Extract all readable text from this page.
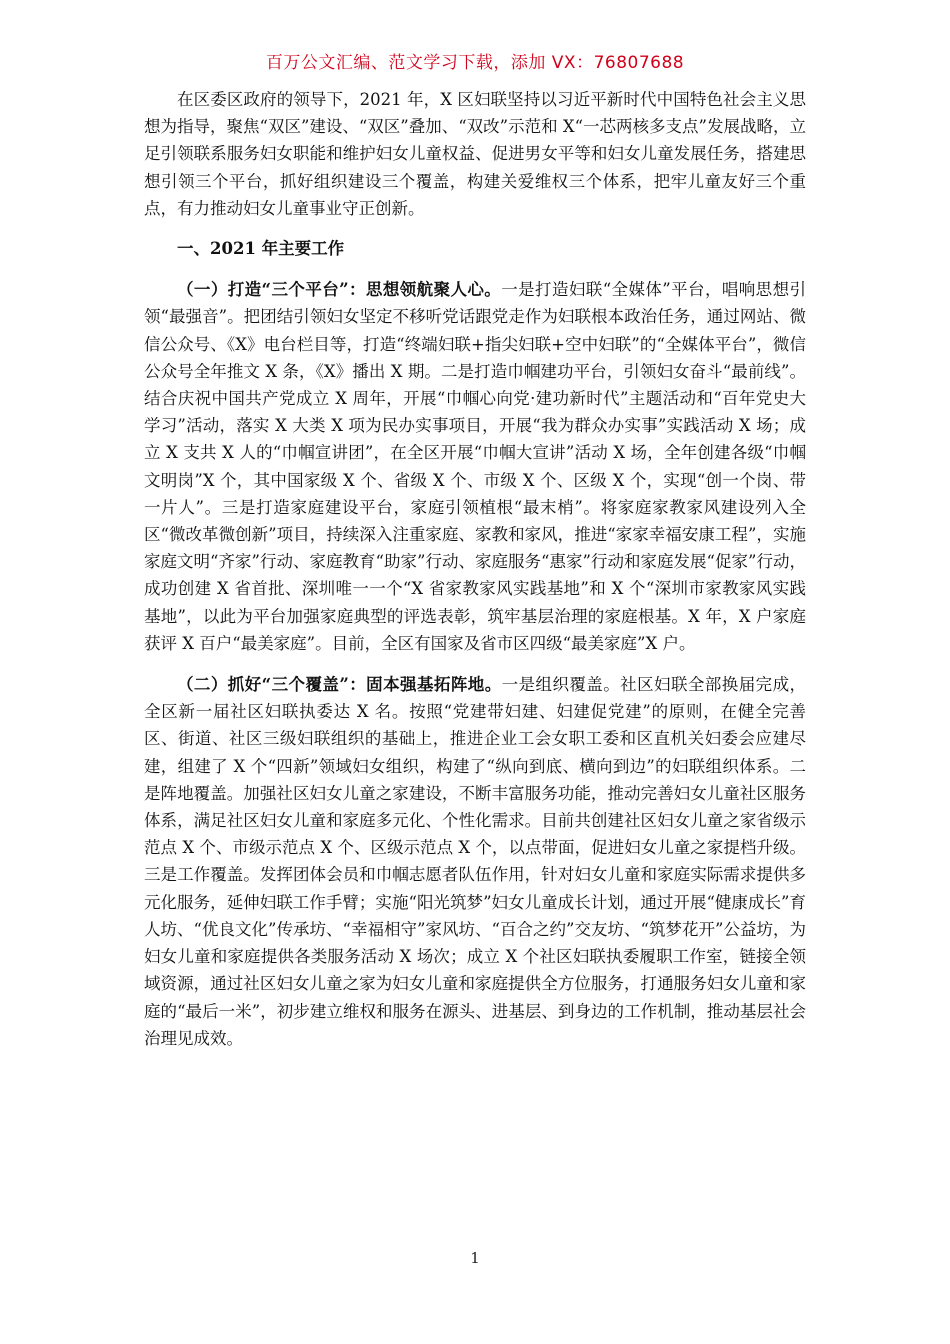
百万公文汇编、范文学习下载，添加 VX：76807688

在区委区政府的领导下，2021 年，X 区妇联坚持以习近平新时代中国特色社会主义思想为指导，聚焦“双区”建设、“双区”叠加、“双改”示范和 X“一芯两核多支点”发展战略，立足引领联系服务妇女职能和维护妇女儿童权益、促进男女平等和妇女儿童发展任务，搭建思想引领三个平台，抓好组织建设三个覆盖，构建关爱维权三个体系，把牢儿童友好三个重点，有力推动妇女儿童事业守正创新。

一、2021 年主要工作

（一）打造“三个平台”：思想领航聚人心。一是打造妇联“全媒体”平台，唱响思想引领“最强音”。把团结引领妇女坚定不移听党话跟党走作为妇联根本政治任务，通过网站、微信公众号、《X》电台栏目等，打造“终端妇联+指尖妇联+空中妇联”的“全媒体平台”，微信公众号全年推文 X 条，《X》播出 X 期。二是打造巾帼建功平台，引领妇女奋斗“最前线”。结合庆祝中国共产党成立 X 周年，开展“巾帼心向党·建功新时代”主题活动和“百年党史大学习”活动，落实 X 大类 X 项为民办实事项目，开展“我为群众办实事”实践活动 X 场；成立 X 支共 X 人的“巾帼宣讲团”，在全区开展“巾帼大宣讲”活动 X 场，全年创建各级“巾帼文明岗”X 个，其中国家级 X 个、省级 X 个、市级 X 个、区级 X 个，实现“创一个岗、带一片人”。三是打造家庭建设平台，家庭引领植根“最末梢”。将家庭家教家风建设列入全区“微改革微创新”项目，持续深入注重家庭、家教和家风，推进“家家幸福安康工程”，实施家庭文明“齐家”行动、家庭教育“助家”行动、家庭服务“惠家”行动和家庭发展“促家”行动，成功创建 X 省首批、深圳唯一一个“X 省家教家风实践基地”和 X 个“深圳市家教家风实践基地”，以此为平台加强家庭典型的评选表彰，筑牢基层治理的家庭根基。X 年，X 户家庭获评 X 百户“最美家庭”。目前，全区有国家及省市区四级“最美家庭”X 户。

（二）抓好“三个覆盖”：固本强基拓阵地。一是组织覆盖。社区妇联全部换届完成，全区新一届社区妇联执委达 X 名。按照“党建带妇建、妇建促党建”的原则，在健全完善区、街道、社区三级妇联组织的基础上，推进企业工会女职工委和区直机关妇委会应建尽建，组建了 X 个“四新”领域妇女组织，构建了“纵向到底、横向到边”的妇联组织体系。二是阵地覆盖。加强社区妇女儿童之家建设，不断丰富服务功能，推动完善妇女儿童社区服务体系，满足社区妇女儿童和家庭多元化、个性化需求。目前共创建社区妇女儿童之家省级示范点 X 个、市级示范点 X 个、区级示范点 X 个，以点带面，促进妇女儿童之家提档升级。三是工作覆盖。发挥团体会员和巾帼志愿者队伍作用，针对妇女儿童和家庭实际需求提供多元化服务，延伸妇联工作手臂；实施“阳光筑梦”妇女儿童成长计划，通过开展“健康成长”育人坊、“优良文化”传承坊、“幸福相守”家风坊、“百合之约”交友坊、“筑梦花开”公益坊，为妇女儿童和家庭提供各类服务活动 X 场次；成立 X 个社区妇联执委履职工作室，链接全领域资源，通过社区妇女儿童之家为妇女儿童和家庭提供全方位服务，打通服务妇女儿童和家庭的“最后一米”，初步建立维权和服务在源头、进基层、到身边的工作机制，推动基层社会治理见成效。

1
